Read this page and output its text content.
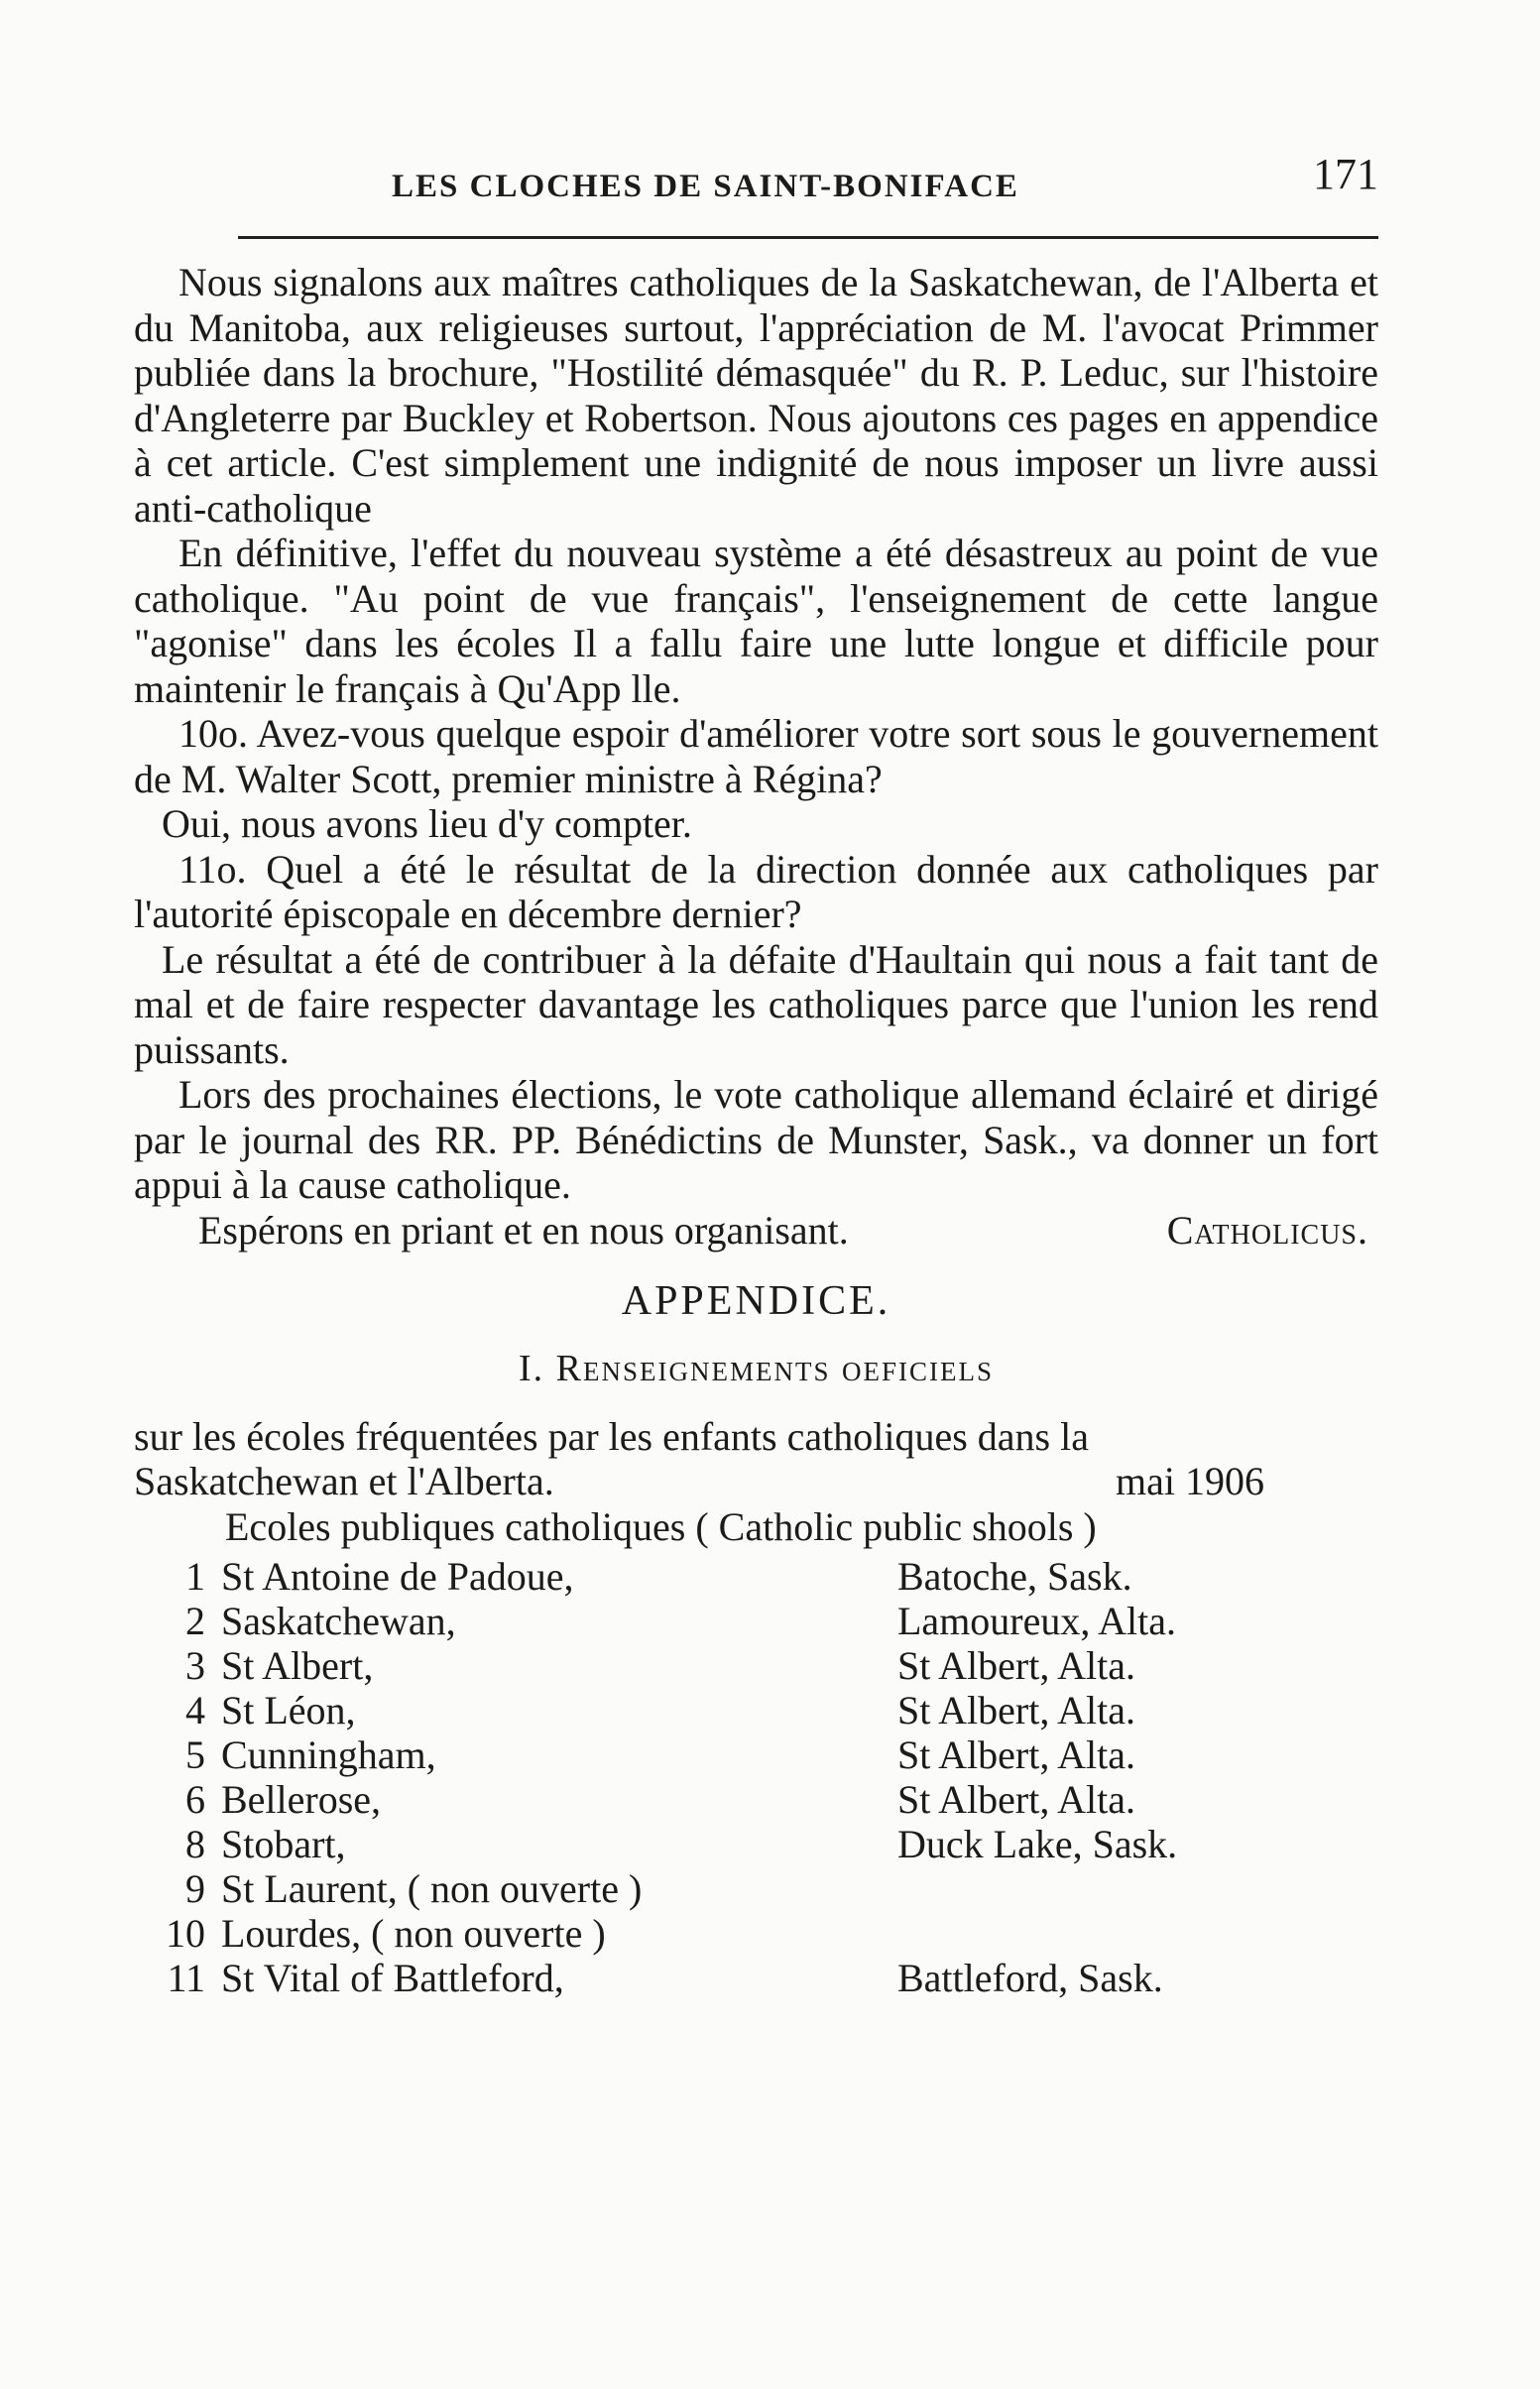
LES CLOCHES DE SAINT-BONIFACE	171

Nous signalons aux maîtres catholiques de la Saskatchewan, de l'Alberta et du Manitoba, aux religieuses surtout, l'appréciation de M. l'avocat Primmer publiée dans la brochure, "Hostilité démasquée" du R. P. Leduc, sur l'histoire d'Angleterre par Buckley et Robertson. Nous ajoutons ces pages en appendice à cet article. C'est simplement une indignité de nous imposer un livre aussi anti-catholique

En définitive, l'effet du nouveau système a été désastreux au point de vue catholique. "Au point de vue français", l'enseignement de cette langue "agonise" dans les écoles Il a fallu faire une lutte longue et difficile pour maintenir le français à Qu'App lle.

10o. Avez-vous quelque espoir d'améliorer votre sort sous le gouvernement de M. Walter Scott, premier ministre à Régina?

Oui, nous avons lieu d'y compter.

11o. Quel a été le résultat de la direction donnée aux catholiques par l'autorité épiscopale en décembre dernier?

Le résultat a été de contribuer à la défaite d'Haultain qui nous a fait tant de mal et de faire respecter davantage les catholiques parce que l'union les rend puissants.

Lors des prochaines élections, le vote catholique allemand éclairé et dirigé par le journal des RR. PP. Bénédictins de Munster, Sask., va donner un fort appui à la cause catholique.

Espérons en priant et en nous organisant.	Catholicus.
APPENDICE.
I. Renseignements oeficiels
sur les écoles fréquentées par les enfants catholiques dans la
Saskatchewan et l'Alberta.	mai 1906
Ecoles publiques catholiques ( Catholic public shools )
1 St Antoine de Padoue,	Batoche, Sask.
2 Saskatchewan,	Lamoureux, Alta.
3 St Albert,	St Albert, Alta.
4 St Léon,	St Albert, Alta.
5 Cunningham,	St Albert, Alta.
6 Bellerose,	St Albert, Alta.
8 Stobart,	Duck Lake, Sask.
9 St Laurent, ( non ouverte )
10 Lourdes, ( non ouverte )
11 St Vital of Battleford,	Battleford, Sask.
